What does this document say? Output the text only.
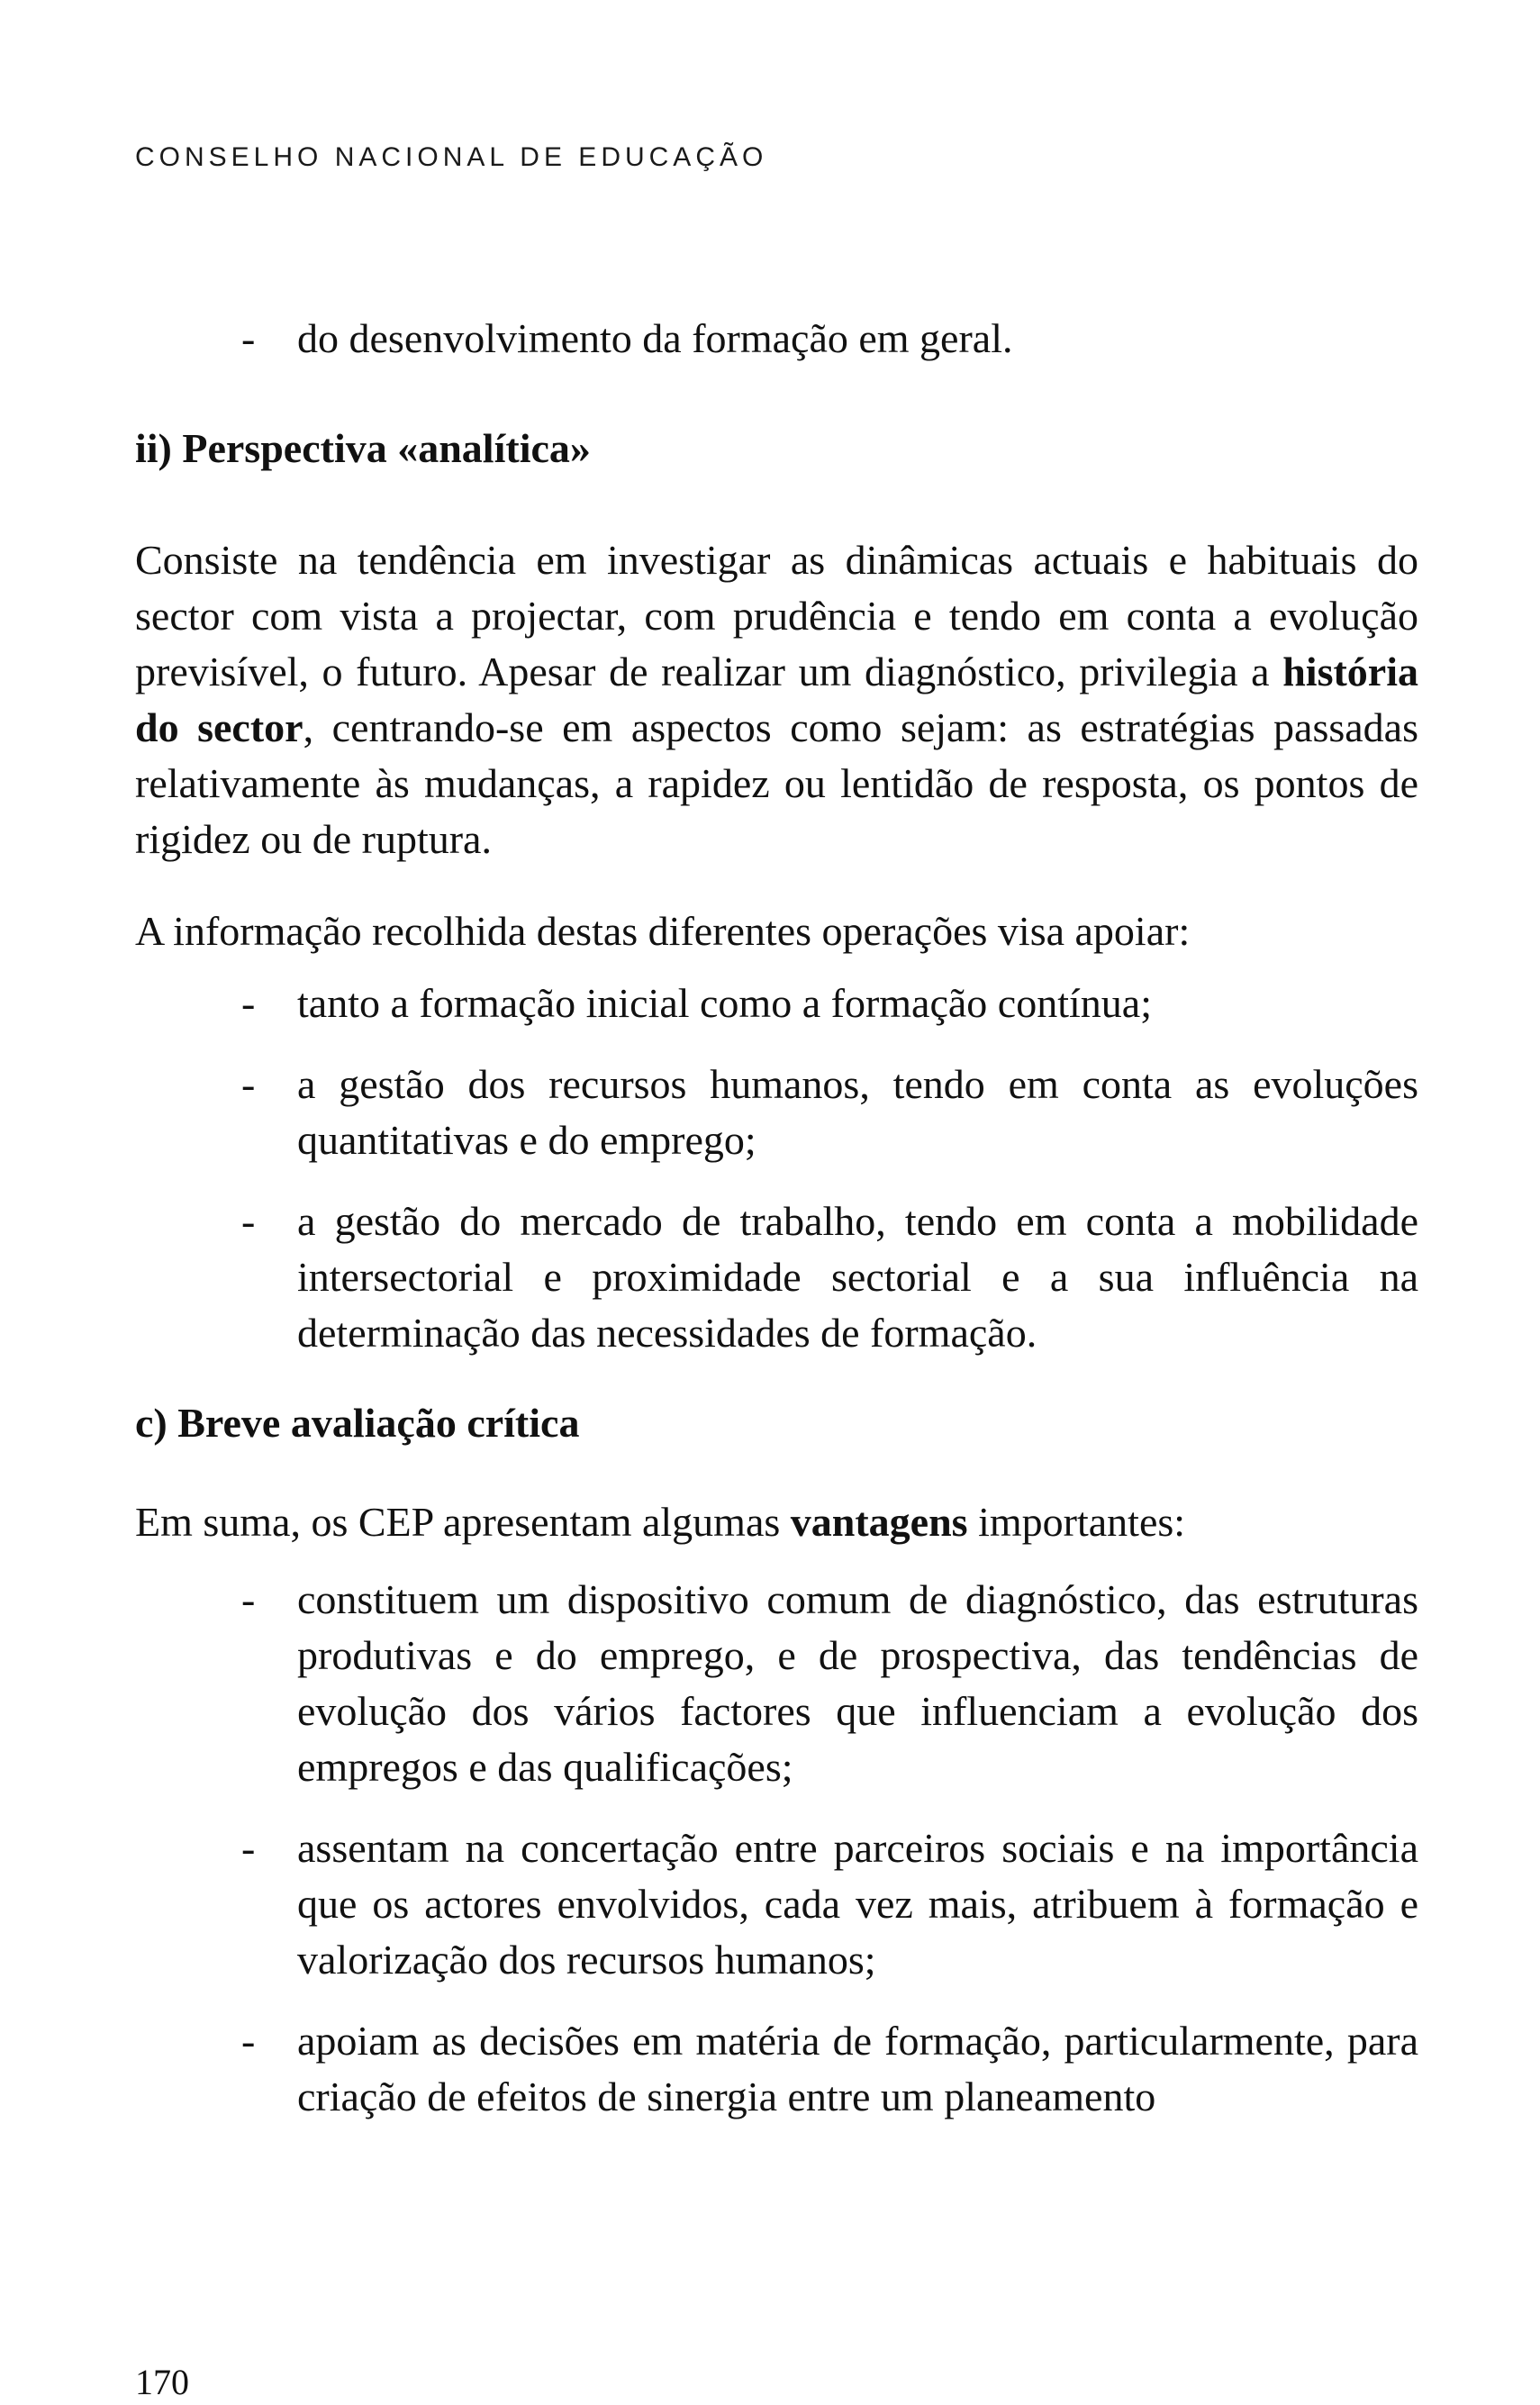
CONSELHO NACIONAL DE EDUCAÇÃO
- do desenvolvimento da formação em geral.

ii) Perspectiva «analítica»

Consiste na tendência em investigar as dinâmicas actuais e habituais do sector com vista a projectar, com prudência e tendo em conta a evolução previsível, o futuro. Apesar de realizar um diagnóstico, privilegia a história do sector, centrando-se em aspectos como sejam: as estratégias passadas relativamente às mudanças, a rapidez ou lentidão de resposta, os pontos de rigidez ou de ruptura.

A informação recolhida destas diferentes operações visa apoiar:

- tanto a formação inicial como a formação contínua;
- a gestão dos recursos humanos, tendo em conta as evoluções quantitativas e do emprego;
- a gestão do mercado de trabalho, tendo em conta a mobilidade intersectorial e proximidade sectorial e a sua influência na determinação das necessidades de formação.

c) Breve avaliação crítica

Em suma, os CEP apresentam algumas vantagens importantes:

- constituem um dispositivo comum de diagnóstico, das estruturas produtivas e do emprego, e de prospectiva, das tendências de evolução dos vários factores que influenciam a evolução dos empregos e das qualificações;
- assentam na concertação entre parceiros sociais e na importância que os actores envolvidos, cada vez mais, atribuem à formação e valorização dos recursos humanos;
- apoiam as decisões em matéria de formação, particularmente, para criação de efeitos de sinergia entre um planeamento
170
